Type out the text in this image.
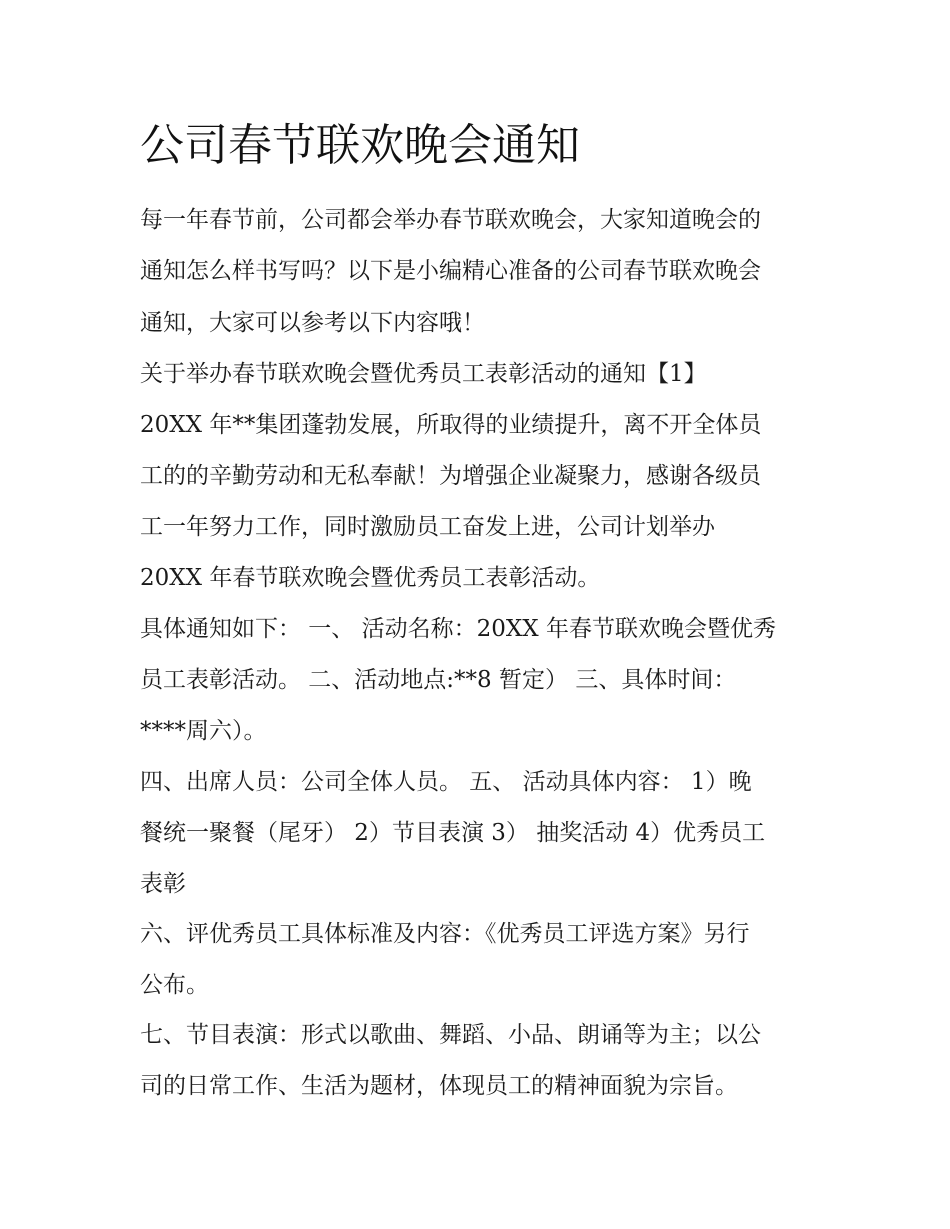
公司春节联欢晚会通知

每一年春节前，公司都会举办春节联欢晚会，大家知道晚会的

通知怎么样书写吗？以下是小编精心准备的公司春节联欢晚会

通知，大家可以参考以下内容哦！

关于举办春节联欢晚会暨优秀员工表彰活动的通知【1】

20XX 年**集团蓬勃发展，所取得的业绩提升，离不开全体员

工的的辛勤劳动和无私奉献！为增强企业凝聚力，感谢各级员

工一年努力工作，同时激励员工奋发上进，公司计划举办

20XX 年春节联欢晚会暨优秀员工表彰活动。

具体通知如下： 一、 活动名称：20XX 年春节联欢晚会暨优秀

员工表彰活动。 二、活动地点:**8 暂定） 三、具体时间：

****周六）。

四、出席人员：公司全体人员。 五、 活动具体内容： 1）晚

餐统一聚餐（尾牙） 2）节目表演 3） 抽奖活动 4）优秀员工

表彰

六、评优秀员工具体标准及内容：《优秀员工评选方案》另行

公布。

七、节目表演：形式以歌曲、舞蹈、小品、朗诵等为主；以公

司的日常工作、生活为题材，体现员工的精神面貌为宗旨。
